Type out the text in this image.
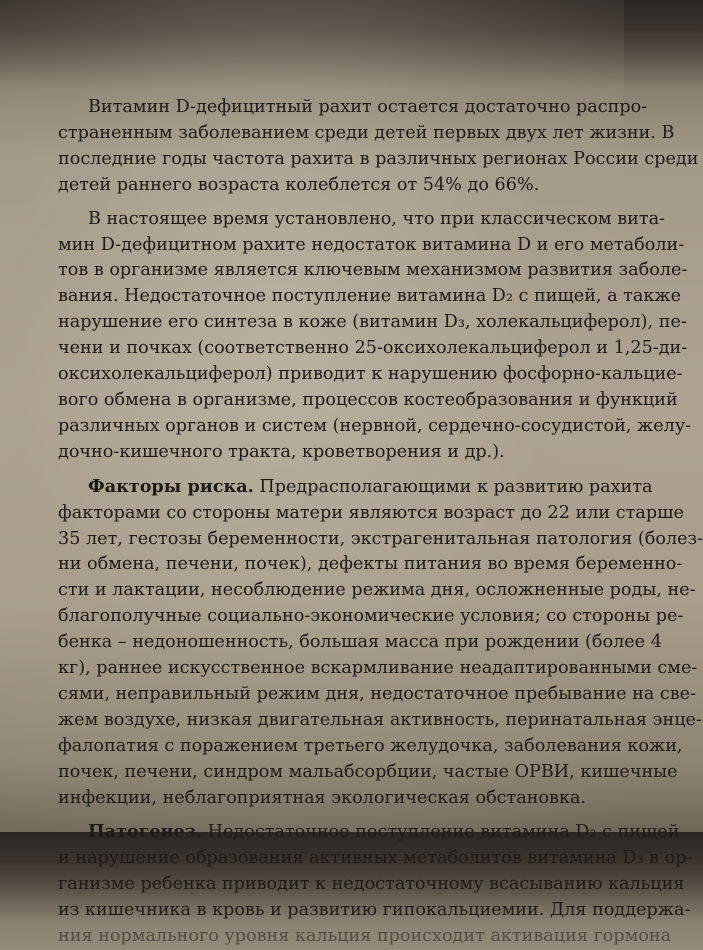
Витамин D-дефицитный рахит остается достаточно распро-
страненным заболеванием среди детей первых двух лет жизни. В
последние годы частота рахита в различных регионах России среди
детей раннего возраста колеблется от 54% до 66%.
В настоящее время установлено, что при классическом вита-
мин D-дефицитном рахите недостаток витамина D и его метаболи-
тов в организме является ключевым механизмом развития заболе-
вания. Недостаточное поступление витамина D₂ с пищей, а также
нарушение его синтеза в коже (витамин D₃, холекальциферол), пе-
чени и почках (соответственно 25-оксихолекальциферол и 1,25-ди-
оксихолекальциферол) приводит к нарушению фосфорно-кальцие-
вого обмена в организме, процессов костеобразования и функций
различных органов и систем (нервной, сердечно-сосудистой, желу-
дочно-кишечного тракта, кроветворения и др.).
Факторы риска. Предрасполагающими к развитию рахита
факторами со стороны матери являются возраст до 22 или старше
35 лет, гестозы беременности, экстрагенитальная патология (болез-
ни обмена, печени, почек), дефекты питания во время беременно-
сти и лактации, несоблюдение режима дня, осложненные роды, не-
благополучные социально-экономические условия; со стороны ре-
бенка – недоношенность, большая масса при рождении (более 4
кг), раннее искусственное вскармливание неадаптированными сме-
сями, неправильный режим дня, недостаточное пребывание на све-
жем воздухе, низкая двигательная активность, перинатальная энце-
фалопатия с поражением третьего желудочка, заболевания кожи,
почек, печени, синдром мальабсорбции, частые ОРВИ, кишечные
инфекции, неблагоприятная экологическая обстановка.
Патогенез. Недостаточное поступление витамина D₂ с пищей
и нарушение образования активных метаболитов витамина D₃ в ор-
ганизме ребенка приводит к недостаточному всасыванию кальция
из кишечника в кровь и развитию гипокальциемии. Для поддержа-
ния нормального уровня кальция происходит активация гормона
